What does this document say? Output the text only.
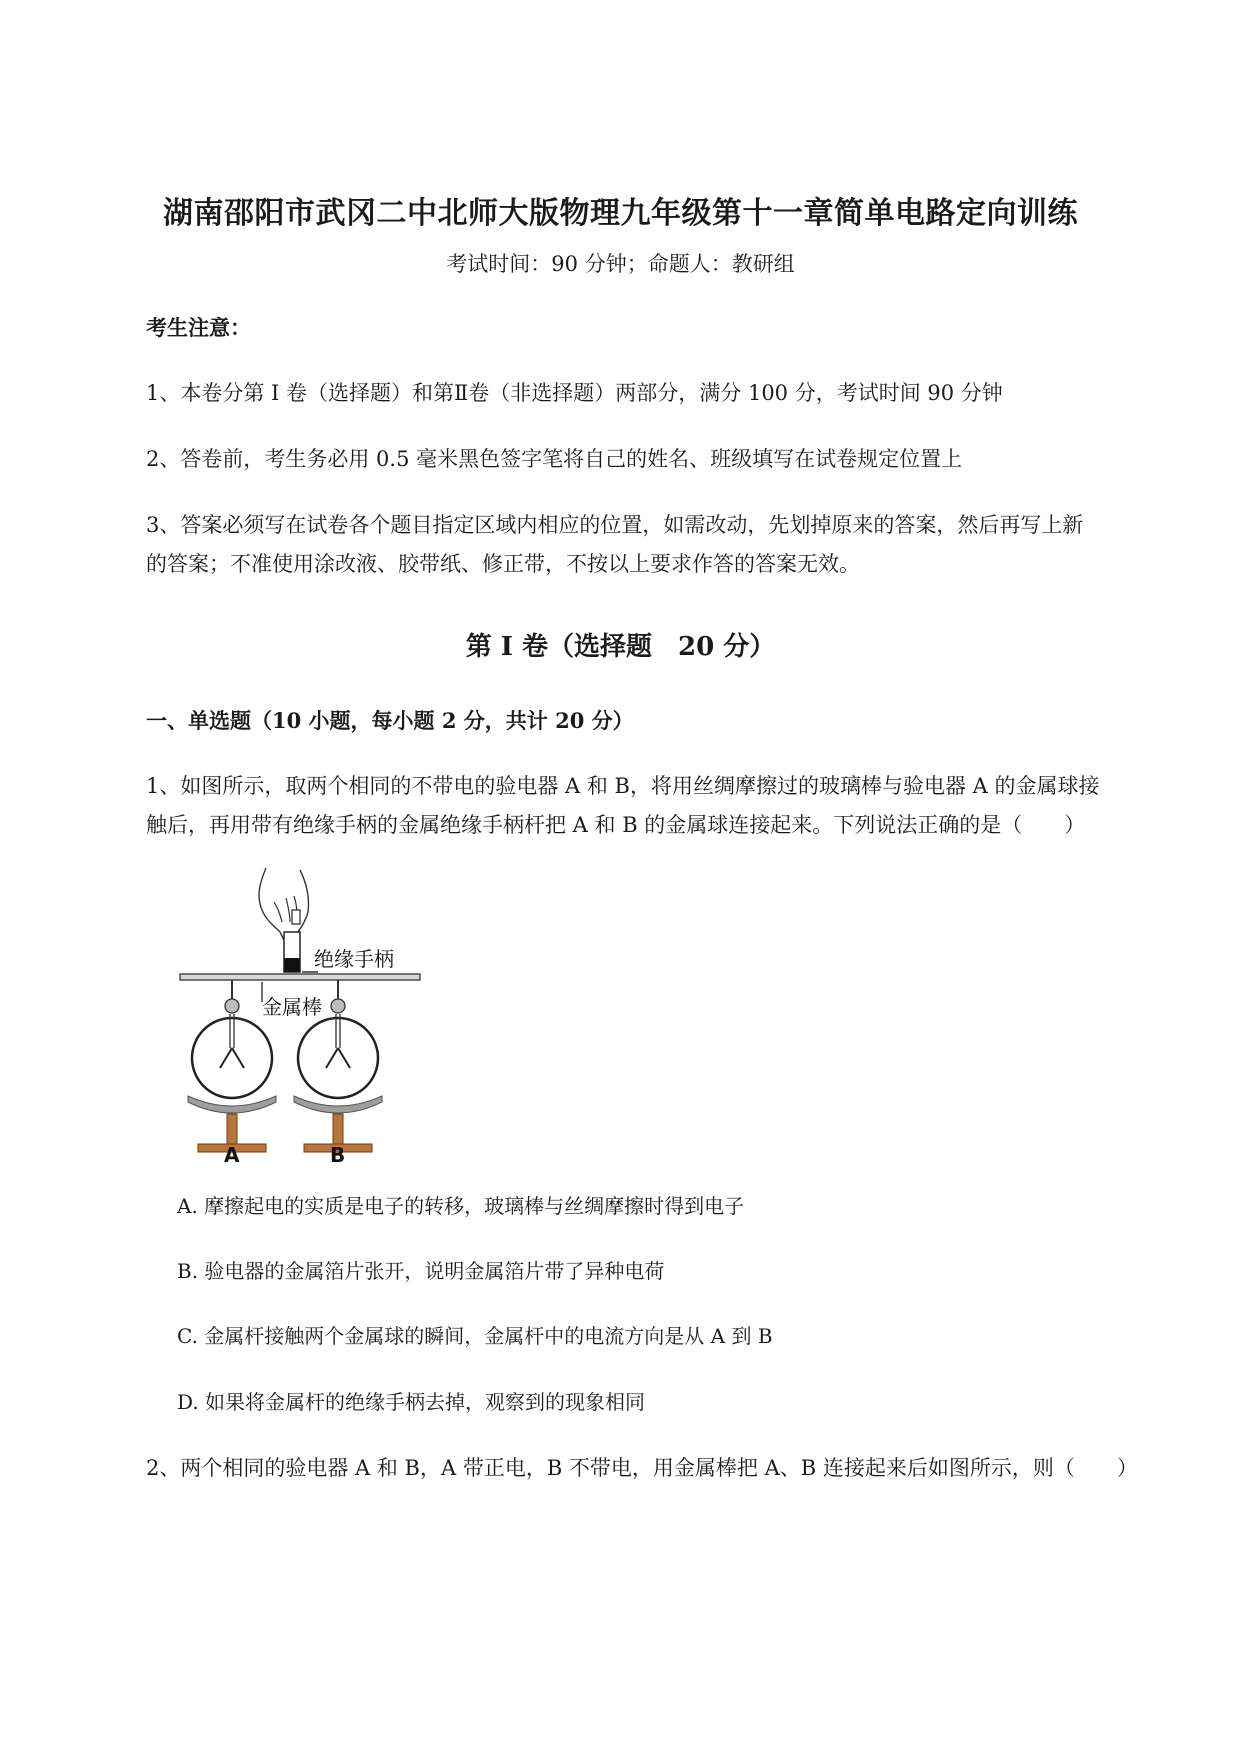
湖南邵阳市武冈二中北师大版物理九年级第十一章简单电路定向训练
考试时间：90 分钟；命题人：教研组
考生注意：
1、本卷分第 I 卷（选择题）和第Ⅱ卷（非选择题）两部分，满分 100 分，考试时间 90 分钟
2、答卷前，考生务必用 0.5 毫米黑色签字笔将自己的姓名、班级填写在试卷规定位置上
3、答案必须写在试卷各个题目指定区域内相应的位置，如需改动，先划掉原来的答案，然后再写上新
的答案；不准使用涂改液、胶带纸、修正带，不按以上要求作答的答案无效。
第 I 卷（选择题　20 分）
一、单选题（10 小题，每小题 2 分，共计 20 分）
1、如图所示，取两个相同的不带电的验电器 A 和 B，将用丝绸摩擦过的玻璃棒与验电器 A 的金属球接
触后，再用带有绝缘手柄的金属绝缘手柄杆把 A 和 B 的金属球连接起来。下列说法正确的是（　　）
绝缘手柄
金属棒
A	B
A. 摩擦起电的实质是电子的转移，玻璃棒与丝绸摩擦时得到电子
B. 验电器的金属箔片张开，说明金属箔片带了异种电荷
C. 金属杆接触两个金属球的瞬间，金属杆中的电流方向是从 A 到 B
D. 如果将金属杆的绝缘手柄去掉，观察到的现象相同
2、两个相同的验电器 A 和 B，A 带正电，B 不带电，用金属棒把 A、B 连接起来后如图所示，则（　　）
